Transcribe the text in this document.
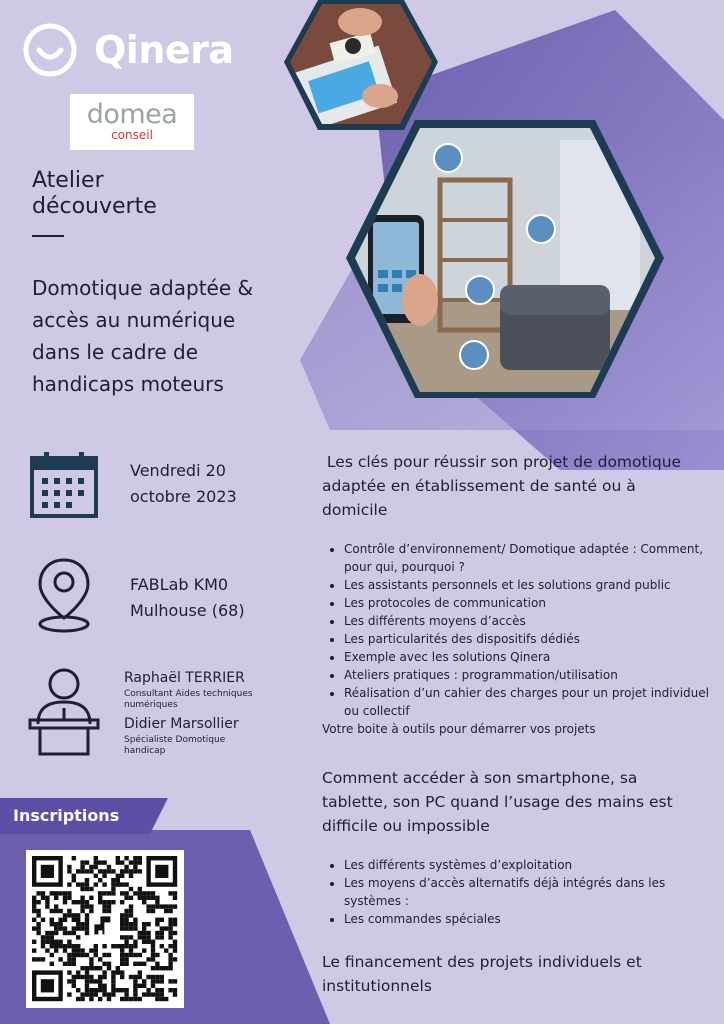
Qinera
domea
conseil
Atelier
découverte
Domotique adaptée &
accès au numérique
dans le cadre de
handicaps moteurs
Vendredi 20
octobre 2023
FABLab KM0
Mulhouse (68)
Raphaël TERRIER
Consultant Aides techniques
numériques
Didier Marsollier
Spécialiste Domotique
handicap
Inscriptions
Les clés pour réussir son projet de domotique
adaptée en établissement de santé ou à
domicile
• Contrôle d’environnement/ Domotique adaptée : Comment, pour qui, pourquoi ?
• Les assistants personnels et les solutions grand public
• Les protocoles de communication
• Les différents moyens d’accès
• Les particularités des dispositifs dédiés
• Exemple avec les solutions Qinera
• Ateliers pratiques : programmation/utilisation
• Réalisation d’un cahier des charges pour un projet individuel ou collectif
Votre boite à outils pour démarrer vos projets
Comment accéder à son smartphone, sa
tablette, son PC quand l’usage des mains est
difficile ou impossible
• Les différents systèmes d’exploitation
• Les moyens d’accès alternatifs déjà intégrés dans les systèmes :
• Les commandes spéciales
Le financement des projets individuels et
institutionnels
